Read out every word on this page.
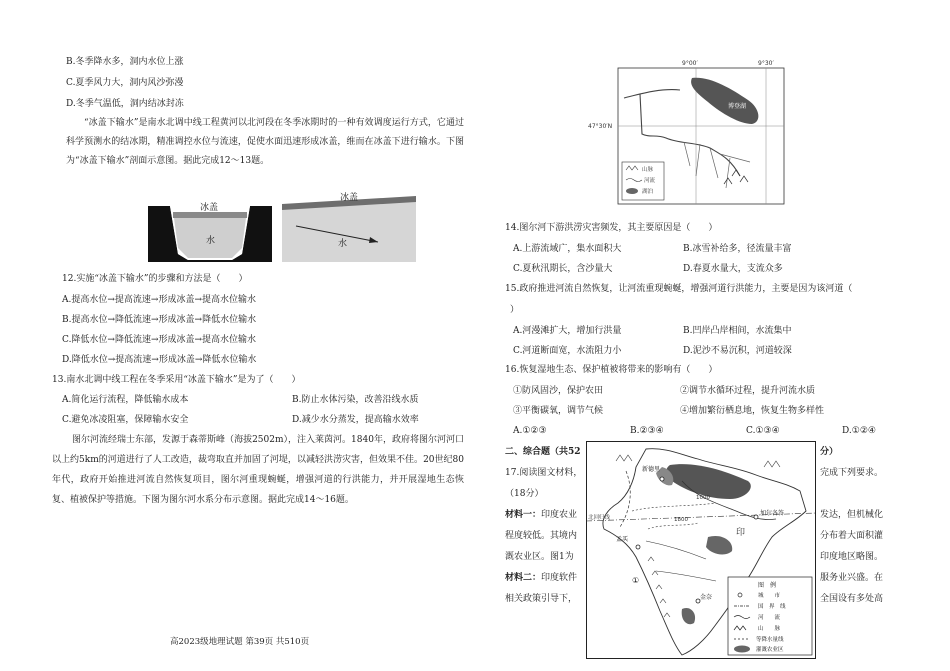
B.冬季降水多，洞内水位上涨
C.夏季风力大，洞内风沙弥漫
D.冬季气温低，洞内结冰封冻
“冰盖下输水”是南水北调中线工程黄河以北河段在冬季冰期时的一种有效调度运行方式，它通过科学预测水的结冰期，精准调控水位与流速，促使水面迅速形成冰盖，维而在冰盖下进行输水。下图为“冰盖下输水”剖面示意图。据此完成12～13题。
冰盖
水
冰盖
水
12.实施“冰盖下输水”的步骤和方法是（　　）
A.提高水位→提高流速→形成冰盖→提高水位输水
B.提高水位→降低流速→形成冰盖→降低水位输水
C.降低水位→降低流速→形成冰盖→提高水位输水
D.降低水位→提高流速→形成冰盖→降低水位输水
13.南水北调中线工程在冬季采用“冰盖下输水”是为了（　　）
A.简化运行流程，降低输水成本	B.防止水体污染，改善沿线水质
C.避免冰凌阻塞，保障输水安全	D.减少水分蒸发，提高输水效率
图尔河流经瑞士东部，发源于森蒂斯峰（海拔2502m），注入莱茵河。1840年，政府将图尔河河口以上约5km的河道进行了人工改造，裁弯取直并加固了河堤，以减轻洪涝灾害，但效果不佳。20世纪80年代，政府开始推进河流自然恢复项目，图尔河重现蜿蜒，增强河道的行洪能力，并开展湿地生态恢复、植被保护等措施。下图为图尔河水系分布示意图。据此完成14～16题。
高2023级地理试题 第39页 共510页
9°00′	9°30′
47°30′N
博登湖
山脉
河流
湖泊
14.图尔河下游洪涝灾害频发，其主要原因是（　　）
A.上游流域广，集水面积大	B.冰雪补给多，径流量丰富
C.夏秋汛期长，含沙量大	D.春夏水量大，支流众多
15.政府推进河流自然恢复，让河流重现蜿蜒，增强河道行洪能力，主要是因为该河道（
）
A.河漫滩扩大，增加行洪量	B.凹岸凸岸相间，水流集中
C.河道断面宽，水流阻力小	D.泥沙不易沉积，河道较深
16.恢复湿地生态、保护植被将带来的影响有（　　）
①防风固沙，保护农田	②调节水循环过程，提升河流水质
③平衡碳氧，调节气候	④增加繁衍栖息地，恢复生物多样性
A.①②③	B.②③④	C.①③④	D.①②④
二、综合题（共52	分）
17.阅读图文材料，	完成下列要求。
（18分）
材料一：印度农业	发达，但机械化
程度较低。其境内	分布着大面积灌
溉农业区。图1为	印度地区略图。
材料二：印度软件	服务业兴盛。在
相关政策引导下，	全国设有多处高
北回归线
1000
1800
新德里
加尔各答
孟买
金奈
印
①
图　例
城　　市
国　界　线
河　　流
山　　脉
等降水量线
灌溉农业区
